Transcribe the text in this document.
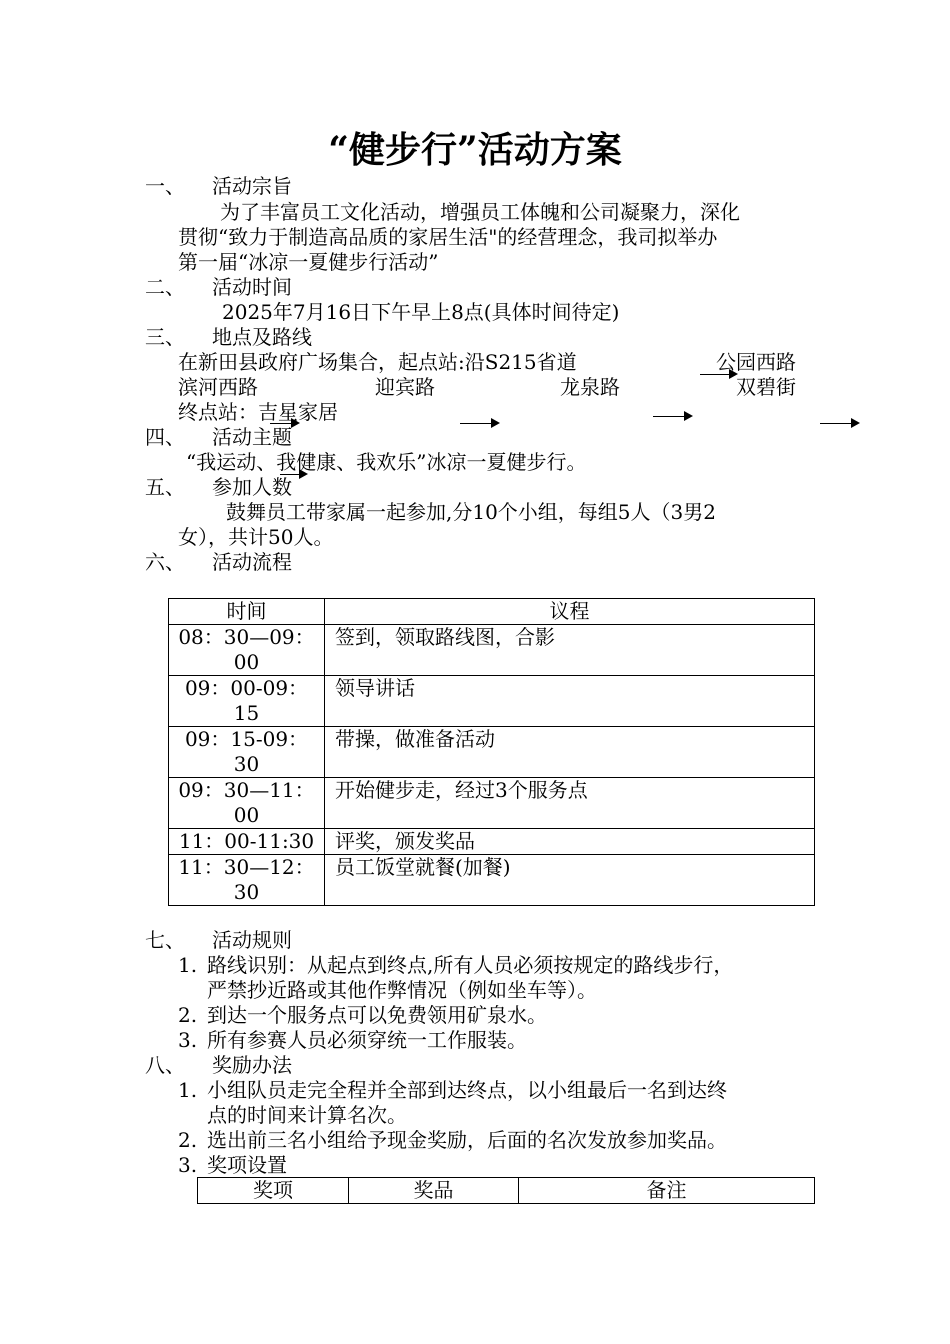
“健步行”活动方案
一、 活动宗旨
为了丰富员工文化活动，增强员工体魄和公司凝聚力，深化
贯彻“致力于制造高品质的家居生活"的经营理念，我司拟举办
第一届“冰凉一夏健步行活动”
二、 活动时间
2025年7月16日下午早上8点(具体时间待定)
三、 地点及路线
在新田县政府广场集合，起点站:沿S215省道	公园西路
滨河西路	迎宾路	龙泉路	双碧街
终点站：吉星家居
四、 活动主题
“我运动、我健康、我欢乐”冰凉一夏健步行。
五、 参加人数
鼓舞员工带家属一起参加,分10个小组，每组5人（3男2
女），共计50人。
六、 活动流程
时间	议程

08：30—09：
00	签到，领取路线图，合影

09：00-09：
15	领导讲话

09：15-09：
30	带操，做准备活动

09：30—11：
00	开始健步走，经过3个服务点

11：00-11:30	评奖，颁发奖品

11：30—12：
30	员工饭堂就餐(加餐)
七、 活动规则
1. 路线识别：从起点到终点,所有人员必须按规定的路线步行，
严禁抄近路或其他作弊情况（例如坐车等）。
2. 到达一个服务点可以免费领用矿泉水。
3. 所有参赛人员必须穿统一工作服装。
八、 奖励办法
1. 小组队员走完全程并全部到达终点，以小组最后一名到达终
点的时间来计算名次。
2. 选出前三名小组给予现金奖励，后面的名次发放参加奖品。
3. 奖项设置
奖项	奖品	备注
